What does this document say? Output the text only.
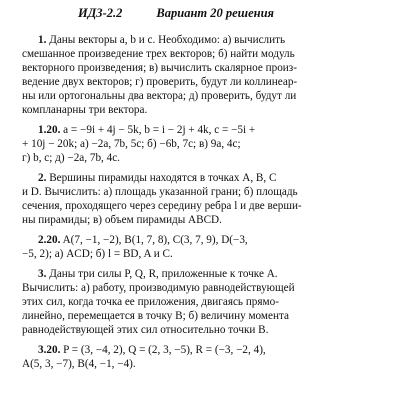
ИДЗ-2.2	Вариант 20 решения

1. Даны векторы a, b и c. Необходимо: а) вычислить

смешанное произведение трех векторов; б) найти модуль

векторного произведения; в) вычислить скалярное произ-

ведение двух векторов; г) проверить, будут ли коллинеар-

ны или ортогональны два вектора; д) проверить, будут ли

компланарны три вектора.

1.20. a = −9i + 4j − 5k, b = i − 2j + 4k, c = −5i +

+ 10j − 20k; а) −2a, 7b, 5c; б) −6b, 7c; в) 9a, 4c;

г) b, c; д) −2a, 7b, 4c.

2. Вершины пирамиды находятся в точках A, B, C

и D. Вычислить: а) площадь указанной грани; б) площадь

сечения, проходящего через середину ребра l и две верши-

ны пирамиды; в) объем пирамиды ABCD.

2.20. A(7, −1, −2), B(1, 7, 8), C(3, 7, 9), D(−3,

−5, 2); а) ACD; б) l = BD, A и C.

3. Даны три силы P, Q, R, приложенные к точке A.

Вычислить: а) работу, производимую равнодействующей

этих сил, когда точка ее приложения, двигаясь прямо-

линейно, перемещается в точку B; б) величину момента

равнодействующей этих сил относительно точки B.

3.20. P = (3, −4, 2), Q = (2, 3, −5), R = (−3, −2, 4),

A(5, 3, −7), B(4, −1, −4).
